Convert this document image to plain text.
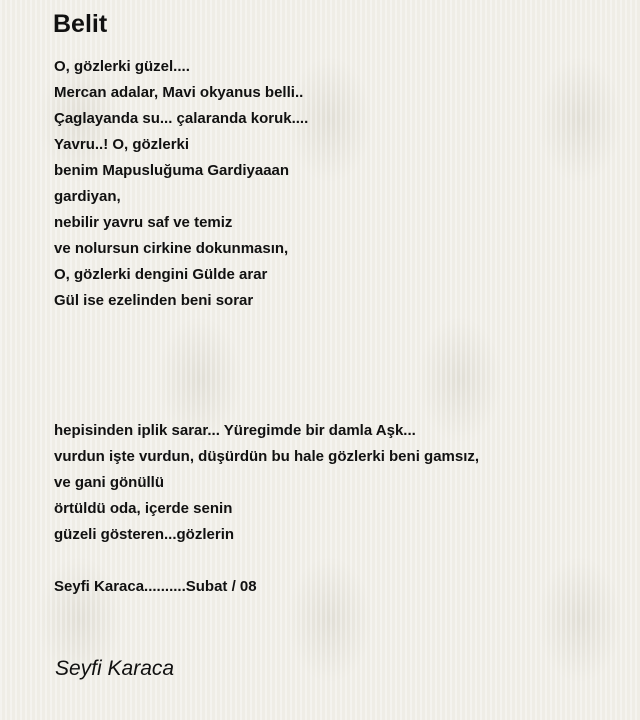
Belit
O, gözlerki güzel....
Mercan adalar, Mavi okyanus belli..
Çaglayanda su... çalaranda koruk....
Yavru..! O, gözlerki
benim Mapusluğuma Gardiyaaan
gardiyan,
nebilir yavru saf ve temiz
ve nolursun cirkine dokunmasın,
O, gözlerki dengini Gülde arar
Gül ise ezelinden beni sorar
hepisinden iplik sarar... Yüregimde bir damla Aşk...
vurdun işte vurdun, düşürdün bu hale gözlerki beni gamsız,
ve gani gönüllü
örtüldü oda, içerde senin
güzeli gösteren...gözlerin
Seyfi Karaca..........Subat / 08
Seyfi Karaca
